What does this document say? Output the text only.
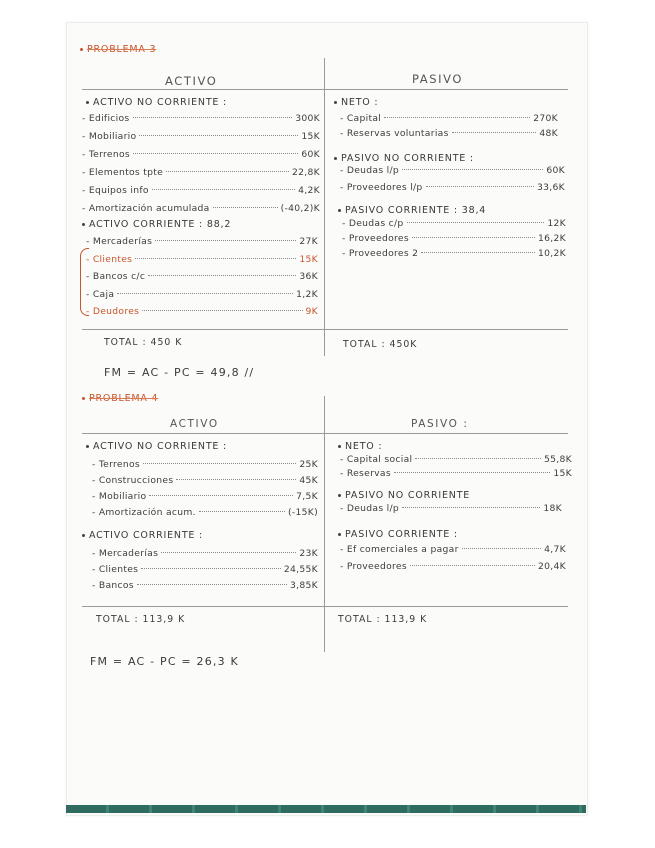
PROBLEMA 3
ACTIVO	PASIVO
ACTIVO NO CORRIENTE :
- Edificios	300K
- Mobiliario	15K
- Terrenos	60K
- Elementos tpte	22,8K
- Equipos info	4,2K
- Amortización acumulada	(-40,2)K
ACTIVO CORRIENTE : 88,2
- Mercaderías	27K
- Clientes	15K
- Bancos c/c	36K
- Caja	1,2K
- Deudores	9K
NETO :
- Capital	270K
- Reservas voluntarias	48K
PASIVO NO CORRIENTE :
- Deudas l/p	60K
- Proveedores l/p	33,6K
PASIVO CORRIENTE : 38,4
- Deudas c/p	12K
- Proveedores	16,2K
- Proveedores 2	10,2K
TOTAL : 450 K	TOTAL : 450K
FM = AC - PC = 49,8 //
PROBLEMA 4
ACTIVO	PASIVO :
ACTIVO NO CORRIENTE :
- Terrenos	25K
- Construcciones	45K
- Mobiliario	7,5K
- Amortización acum.	(-15K)
ACTIVO CORRIENTE :
- Mercaderías	23K
- Clientes	24,55K
- Bancos	3,85K
NETO :
- Capital social	55,8K
- Reservas	15K
PASIVO NO CORRIENTE
- Deudas l/p	18K
PASIVO CORRIENTE :
- Ef comerciales a pagar	4,7K
- Proveedores	20,4K
TOTAL : 113,9 K	TOTAL : 113,9 K
FM = AC - PC = 26,3 K
